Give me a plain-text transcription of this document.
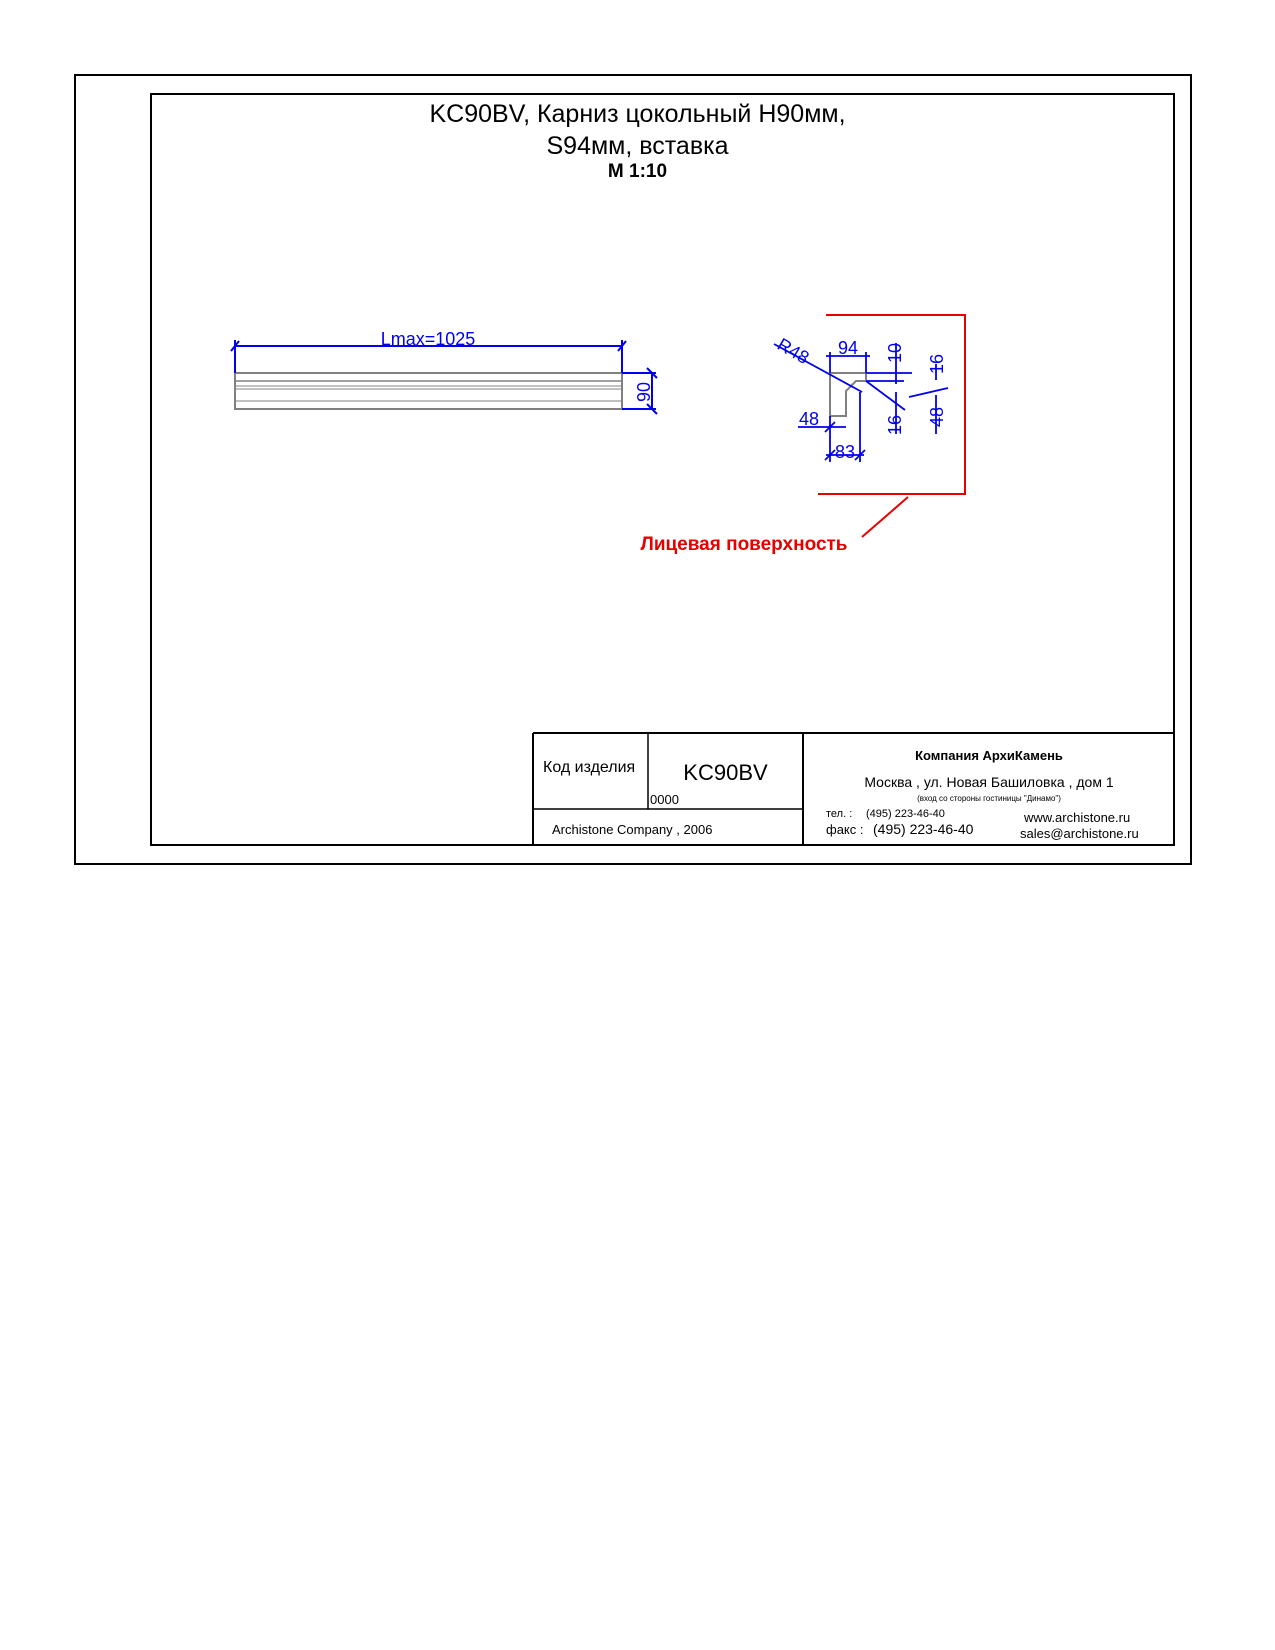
KC90BV, Карниз цокольный H90мм,
S94мм, вставка
M 1:10
Lmax=1025
90
R48 94 10
16
48	16 48
83
Лицевая поверхность
Код изделия	KC90BV
0000
Archistone Company , 2006
Компания АрхиКамень
Москва , ул. Новая Башиловка , дом 1
(вход со стороны гостиницы "Динамо")
тел. : (495) 223-46-40
факс : (495) 223-46-40
www.archistone.ru
sales@archistone.ru
